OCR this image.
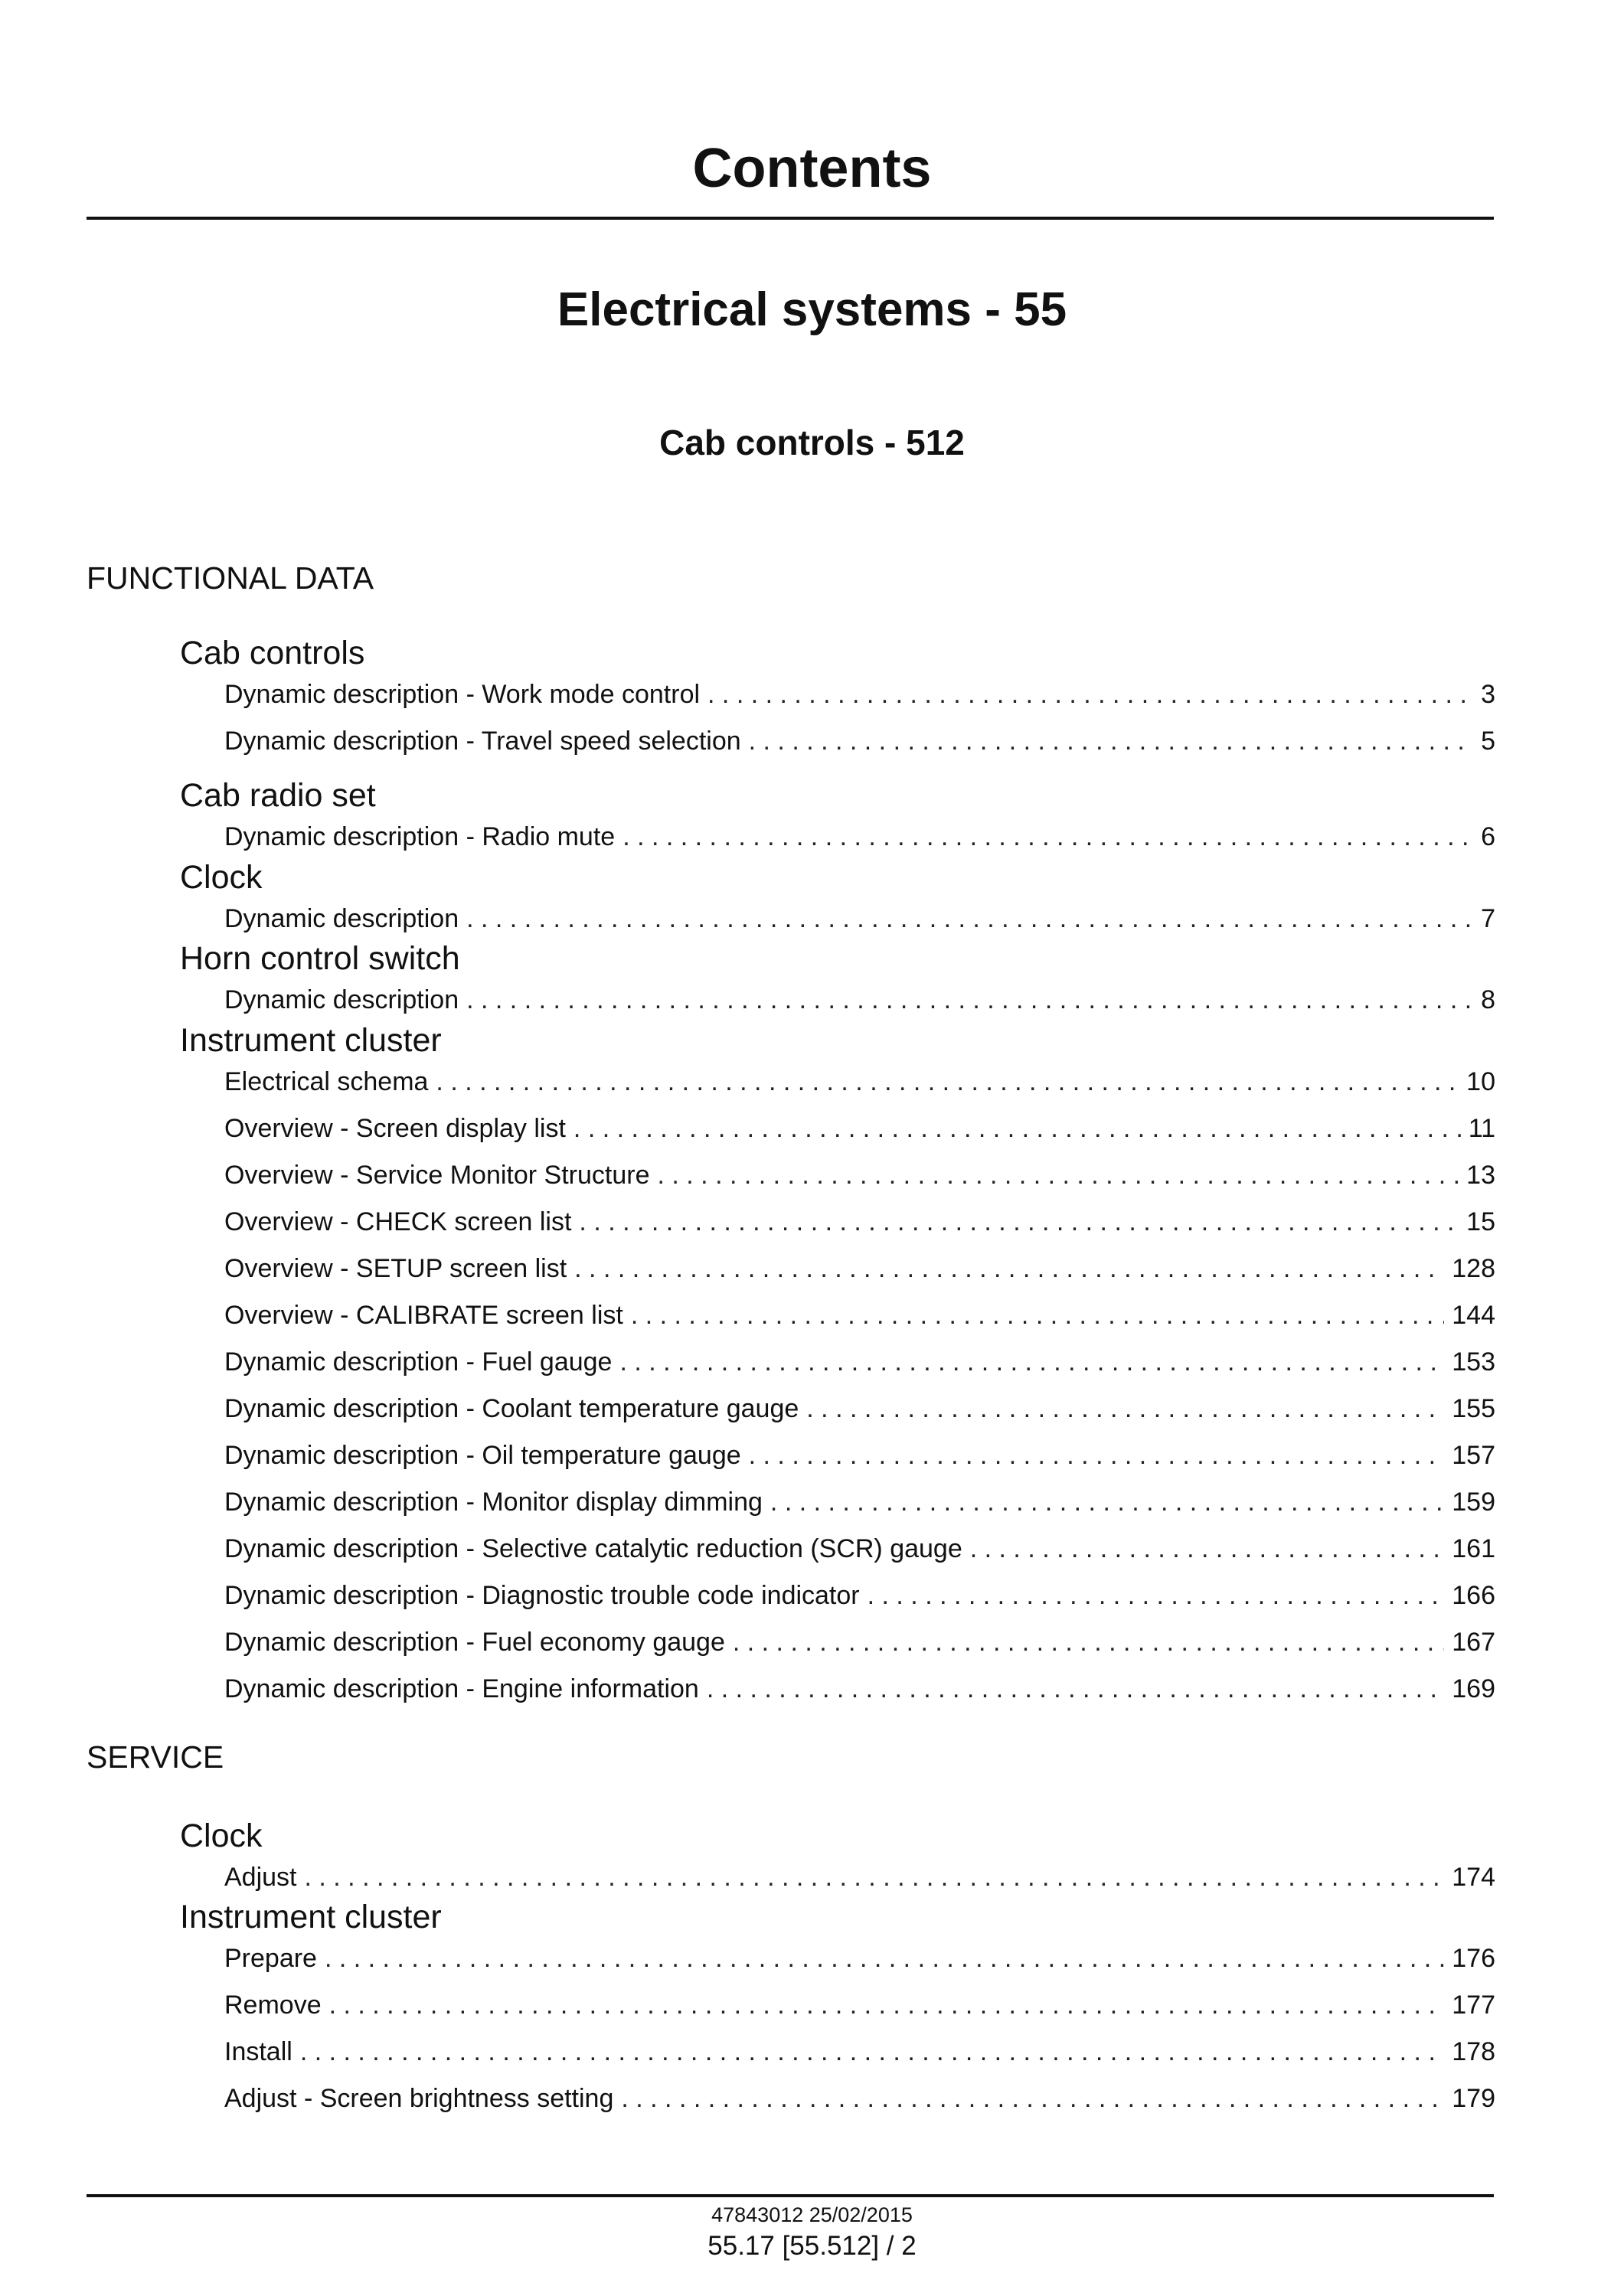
Contents
Electrical systems - 55
Cab controls - 512
FUNCTIONAL DATA
Cab controls
Dynamic description - Work mode control . . .	3
Dynamic description - Travel speed selection . . .	5
Cab radio set
Dynamic description - Radio mute . . .	6
Clock
Dynamic description . . .	7
Horn control switch
Dynamic description . . .	8
Instrument cluster
Electrical schema . . .	10
Overview - Screen display list . . .	11
Overview - Service Monitor Structure . . .	13
Overview - CHECK screen list . . .	15
Overview - SETUP screen list . . .	128
Overview - CALIBRATE screen list . . .	144
Dynamic description - Fuel gauge . . .	153
Dynamic description - Coolant temperature gauge . . .	155
Dynamic description - Oil temperature gauge . . .	157
Dynamic description - Monitor display dimming . . .	159
Dynamic description - Selective catalytic reduction (SCR) gauge . . .	161
Dynamic description - Diagnostic trouble code indicator . . .	166
Dynamic description - Fuel economy gauge . . .	167
Dynamic description - Engine information . . .	169
SERVICE
Clock
Adjust . . .	174
Instrument cluster
Prepare . . .	176
Remove . . .	177
Install . . .	178
Adjust - Screen brightness setting . . .	179
47843012 25/02/2015
55.17 [55.512] / 2
